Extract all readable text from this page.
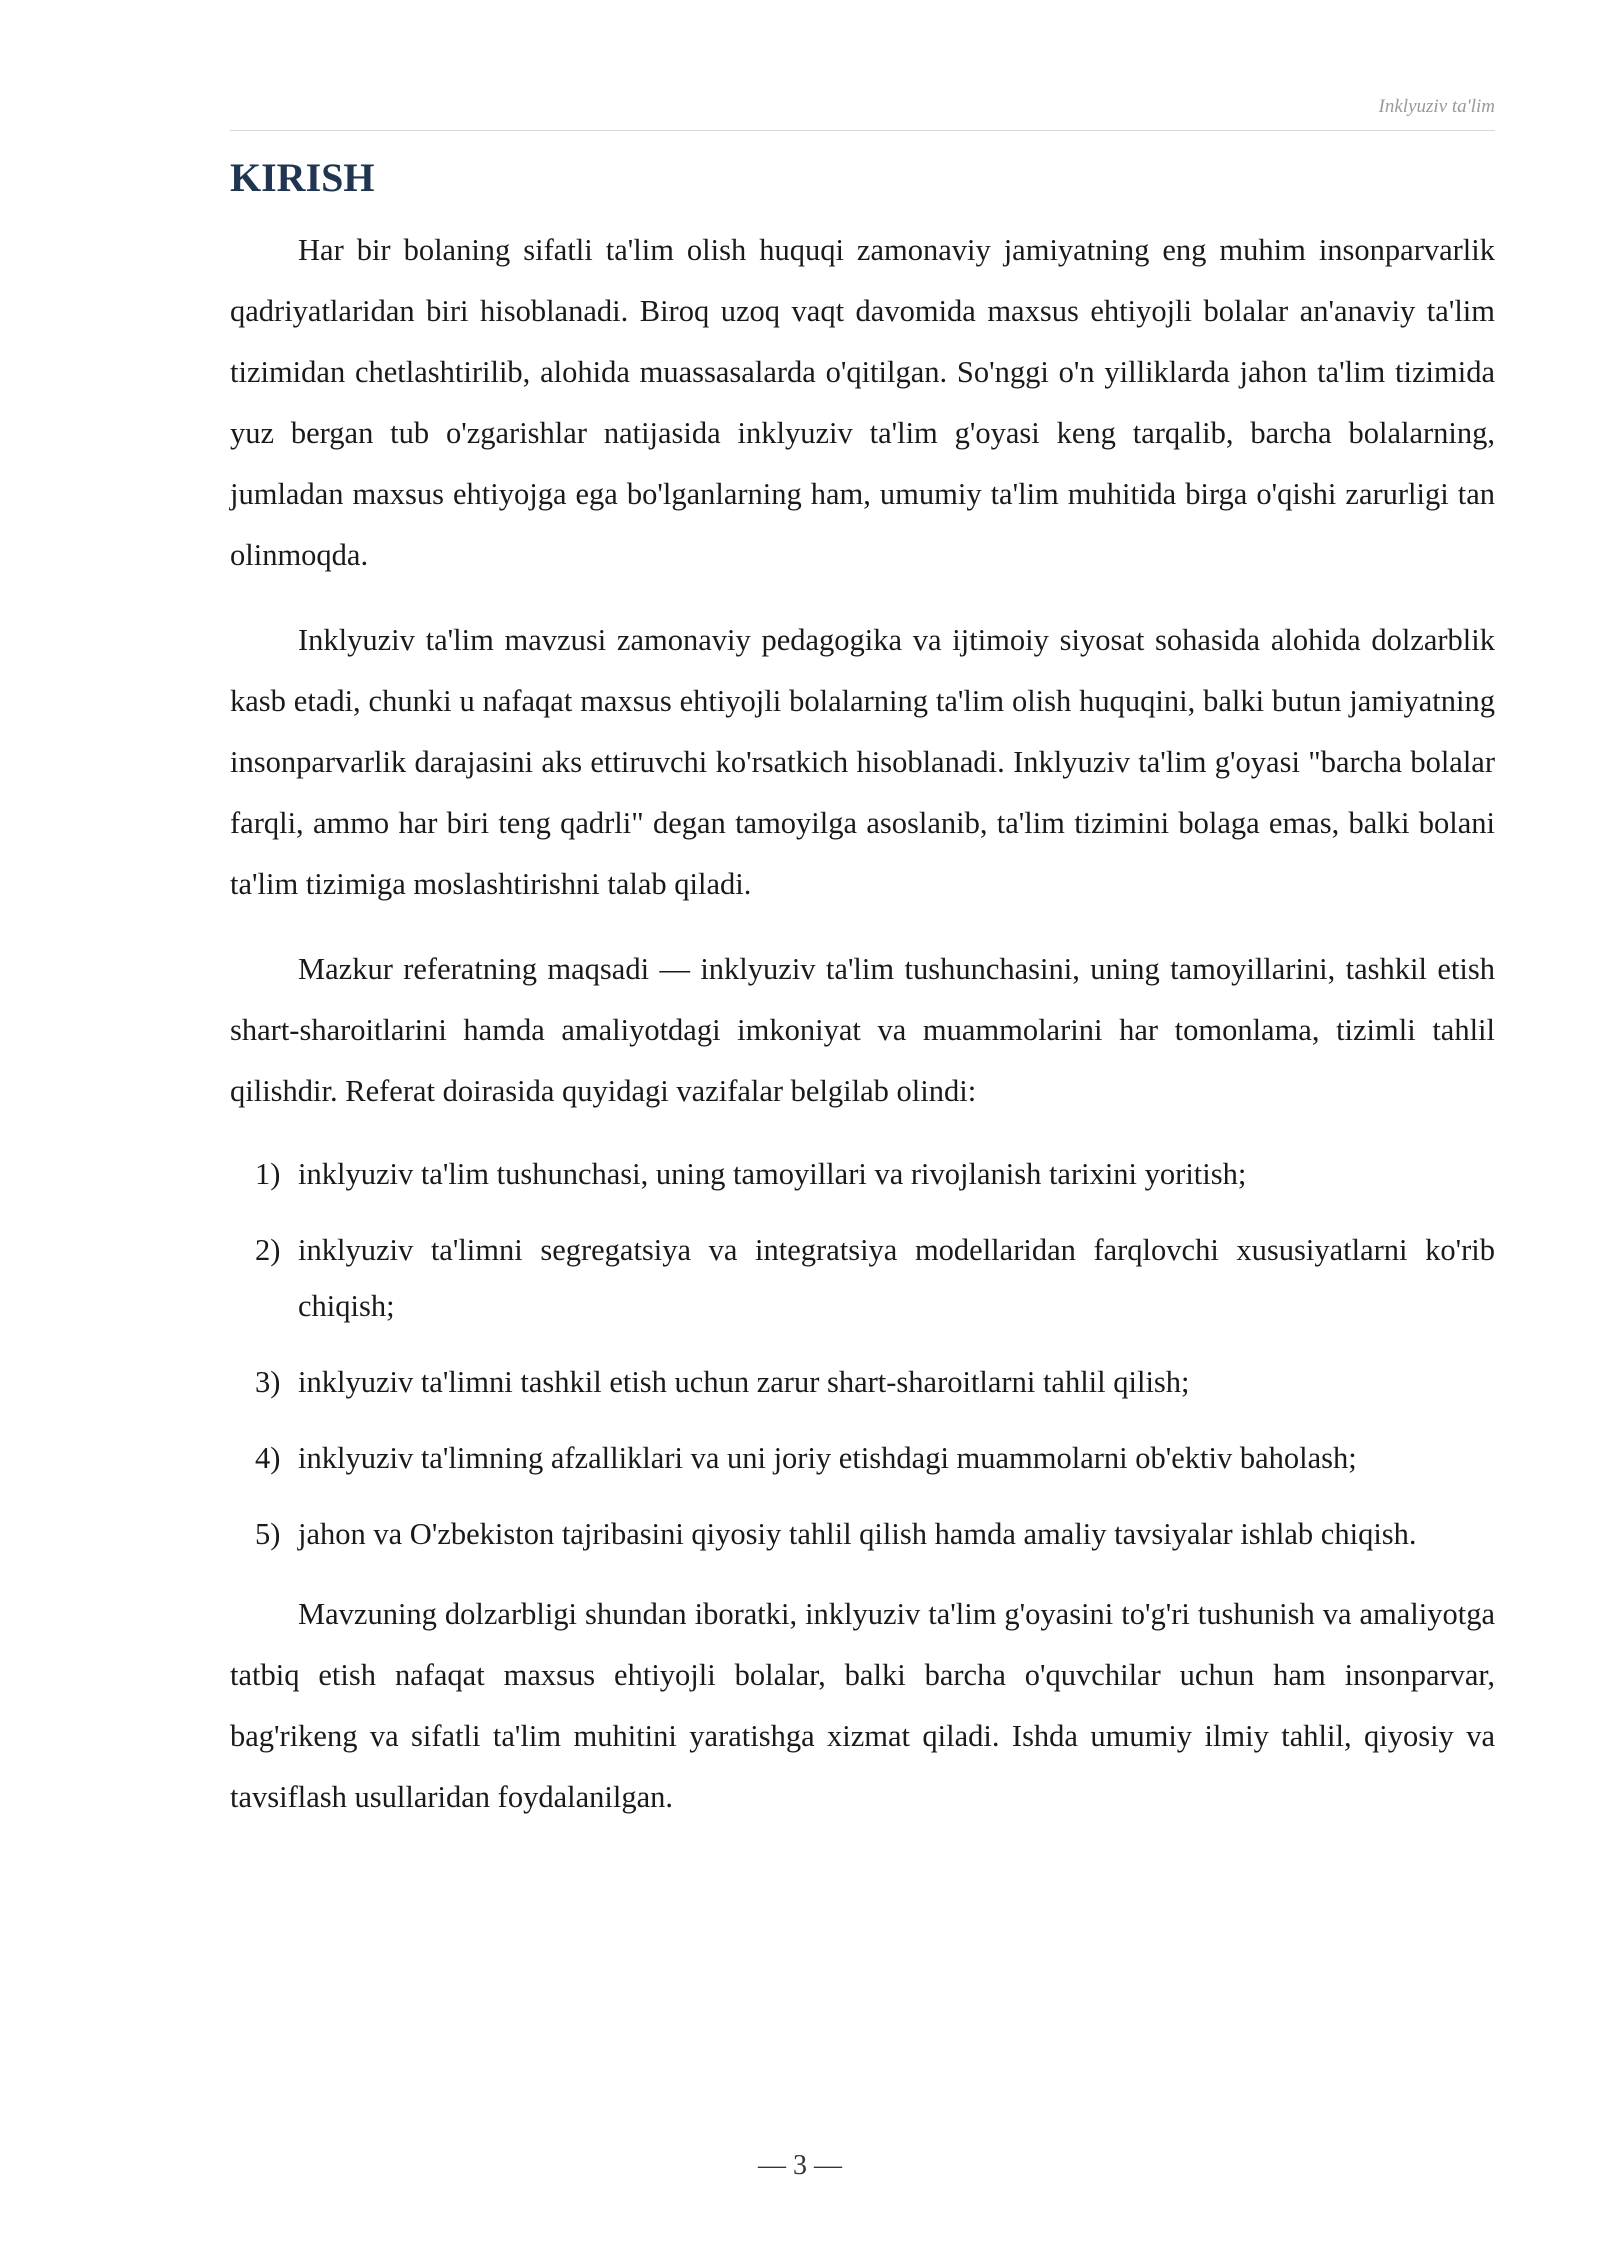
Inklyuziv ta'lim
KIRISH

Har bir bolaning sifatli ta'lim olish huquqi zamonaviy jamiyatning eng muhim insonparvarlik qadriyatlaridan biri hisoblanadi. Biroq uzoq vaqt davomida maxsus ehtiyojli bolalar an'anaviy ta'lim tizimidan chetlashtirilib, alohida muassasalarda o'qitilgan. So'nggi o'n yilliklarda jahon ta'lim tizimida yuz bergan tub o'zgarishlar natijasida inklyuziv ta'lim g'oyasi keng tarqalib, barcha bolalarning, jumladan maxsus ehtiyojga ega bo'lganlarning ham, umumiy ta'lim muhitida birga o'qishi zarurligi tan olinmoqda.

Inklyuziv ta'lim mavzusi zamonaviy pedagogika va ijtimoiy siyosat sohasida alohida dolzarblik kasb etadi, chunki u nafaqat maxsus ehtiyojli bolalarning ta'lim olish huquqini, balki butun jamiyatning insonparvarlik darajasini aks ettiruvchi ko'rsatkich hisoblanadi. Inklyuziv ta'lim g'oyasi "barcha bolalar farqli, ammo har biri teng qadrli" degan tamoyilga asoslanib, ta'lim tizimini bolaga emas, balki bolani ta'lim tizimiga moslashtirishni talab qiladi.

Mazkur referatning maqsadi — inklyuziv ta'lim tushunchasini, uning tamoyillarini, tashkil etish shart-sharoitlarini hamda amaliyotdagi imkoniyat va muammolarini har tomonlama, tizimli tahlil qilishdir. Referat doirasida quyidagi vazifalar belgilab olindi:

1) inklyuziv ta'lim tushunchasi, uning tamoyillari va rivojlanish tarixini yoritish;
2) inklyuziv ta'limni segregatsiya va integratsiya modellaridan farqlovchi xususiyatlarni ko'rib chiqish;
3) inklyuziv ta'limni tashkil etish uchun zarur shart-sharoitlarni tahlil qilish;
4) inklyuziv ta'limning afzalliklari va uni joriy etishdagi muammolarni ob'ektiv baholash;
5) jahon va O'zbekiston tajribasini qiyosiy tahlil qilish hamda amaliy tavsiyalar ishlab chiqish.

Mavzuning dolzarbligi shundan iboratki, inklyuziv ta'lim g'oyasini to'g'ri tushunish va amaliyotga tatbiq etish nafaqat maxsus ehtiyojli bolalar, balki barcha o'quvchilar uchun ham insonparvar, bag'rikeng va sifatli ta'lim muhitini yaratishga xizmat qiladi. Ishda umumiy ilmiy tahlil, qiyosiy va tavsiflash usullaridan foydalanilgan.

— 3 —
